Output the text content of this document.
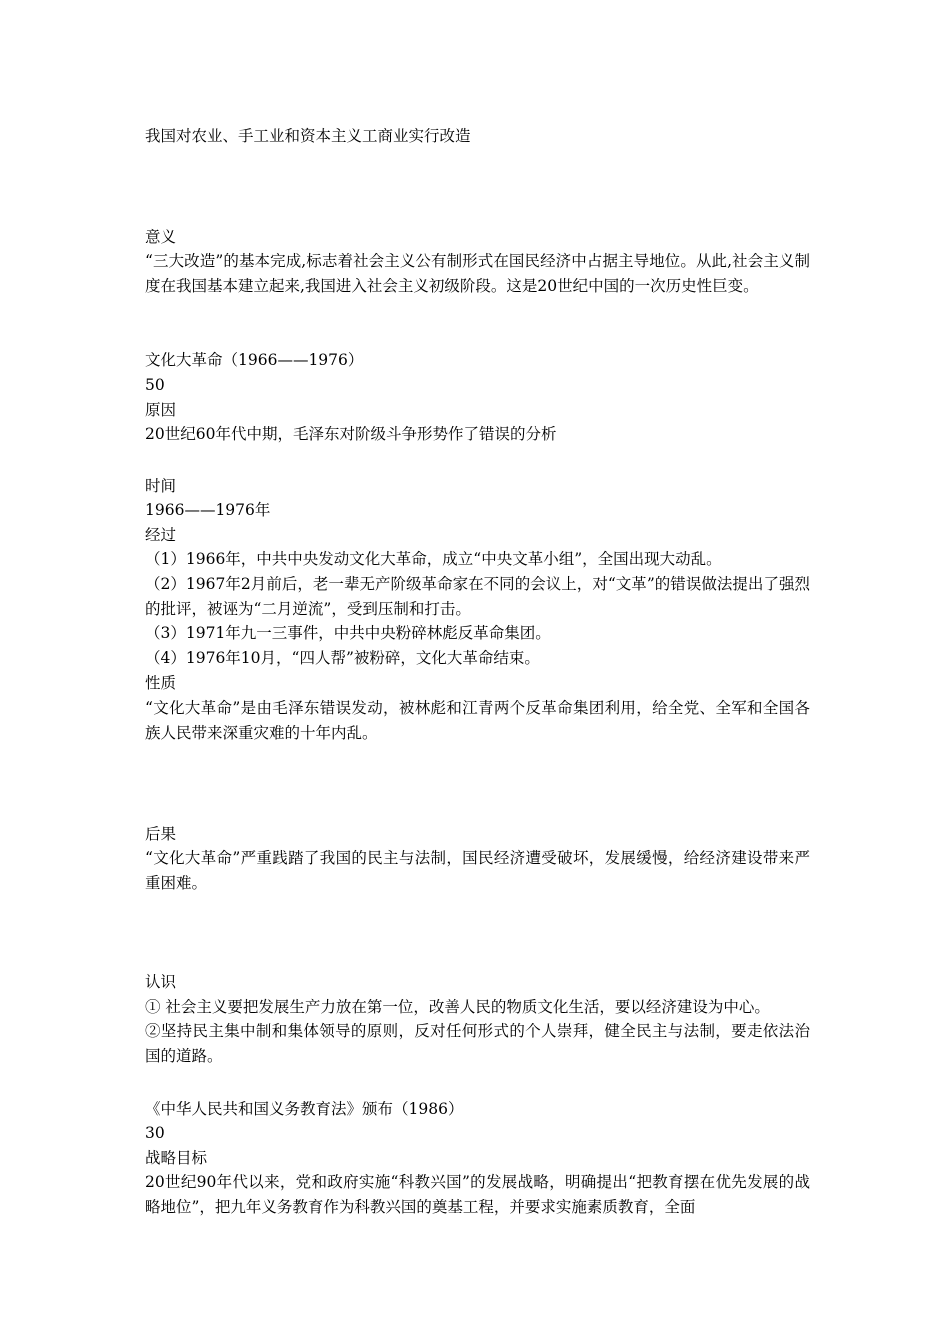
我国对农业、手工业和资本主义工商业实行改造
意义
“三大改造”的基本完成,标志着社会主义公有制形式在国民经济中占据主导地位。从此,社会主义制度在我国基本建立起来,我国进入社会主义初级阶段。这是20世纪中国的一次历史性巨变。
文化大革命（1966——1976）
50
原因
20世纪60年代中期，毛泽东对阶级斗争形势作了错误的分析
时间
1966——1976年
经过
（1）1966年，中共中央发动文化大革命，成立“中央文革小组”，全国出现大动乱。
（2）1967年2月前后，老一辈无产阶级革命家在不同的会议上，对“文革”的错误做法提出了强烈的批评，被诬为“二月逆流”，受到压制和打击。
（3）1971年九一三事件，中共中央粉碎林彪反革命集团。
（4）1976年10月，“四人帮”被粉碎，文化大革命结束。
性质
“文化大革命”是由毛泽东错误发动，被林彪和江青两个反革命集团利用，给全党、全军和全国各族人民带来深重灾难的十年内乱。
后果
“文化大革命”严重践踏了我国的民主与法制，国民经济遭受破坏，发展缓慢，给经济建设带来严重困难。
认识
① 社会主义要把发展生产力放在第一位，改善人民的物质文化生活，要以经济建设为中心。
②坚持民主集中制和集体领导的原则，反对任何形式的个人崇拜，健全民主与法制，要走依法治国的道路。
《中华人民共和国义务教育法》颁布（1986）
30
战略目标
20世纪90年代以来，党和政府实施“科教兴国”的发展战略，明确提出“把教育摆在优先发展的战略地位”，把九年义务教育作为科教兴国的奠基工程，并要求实施素质教育，全面
